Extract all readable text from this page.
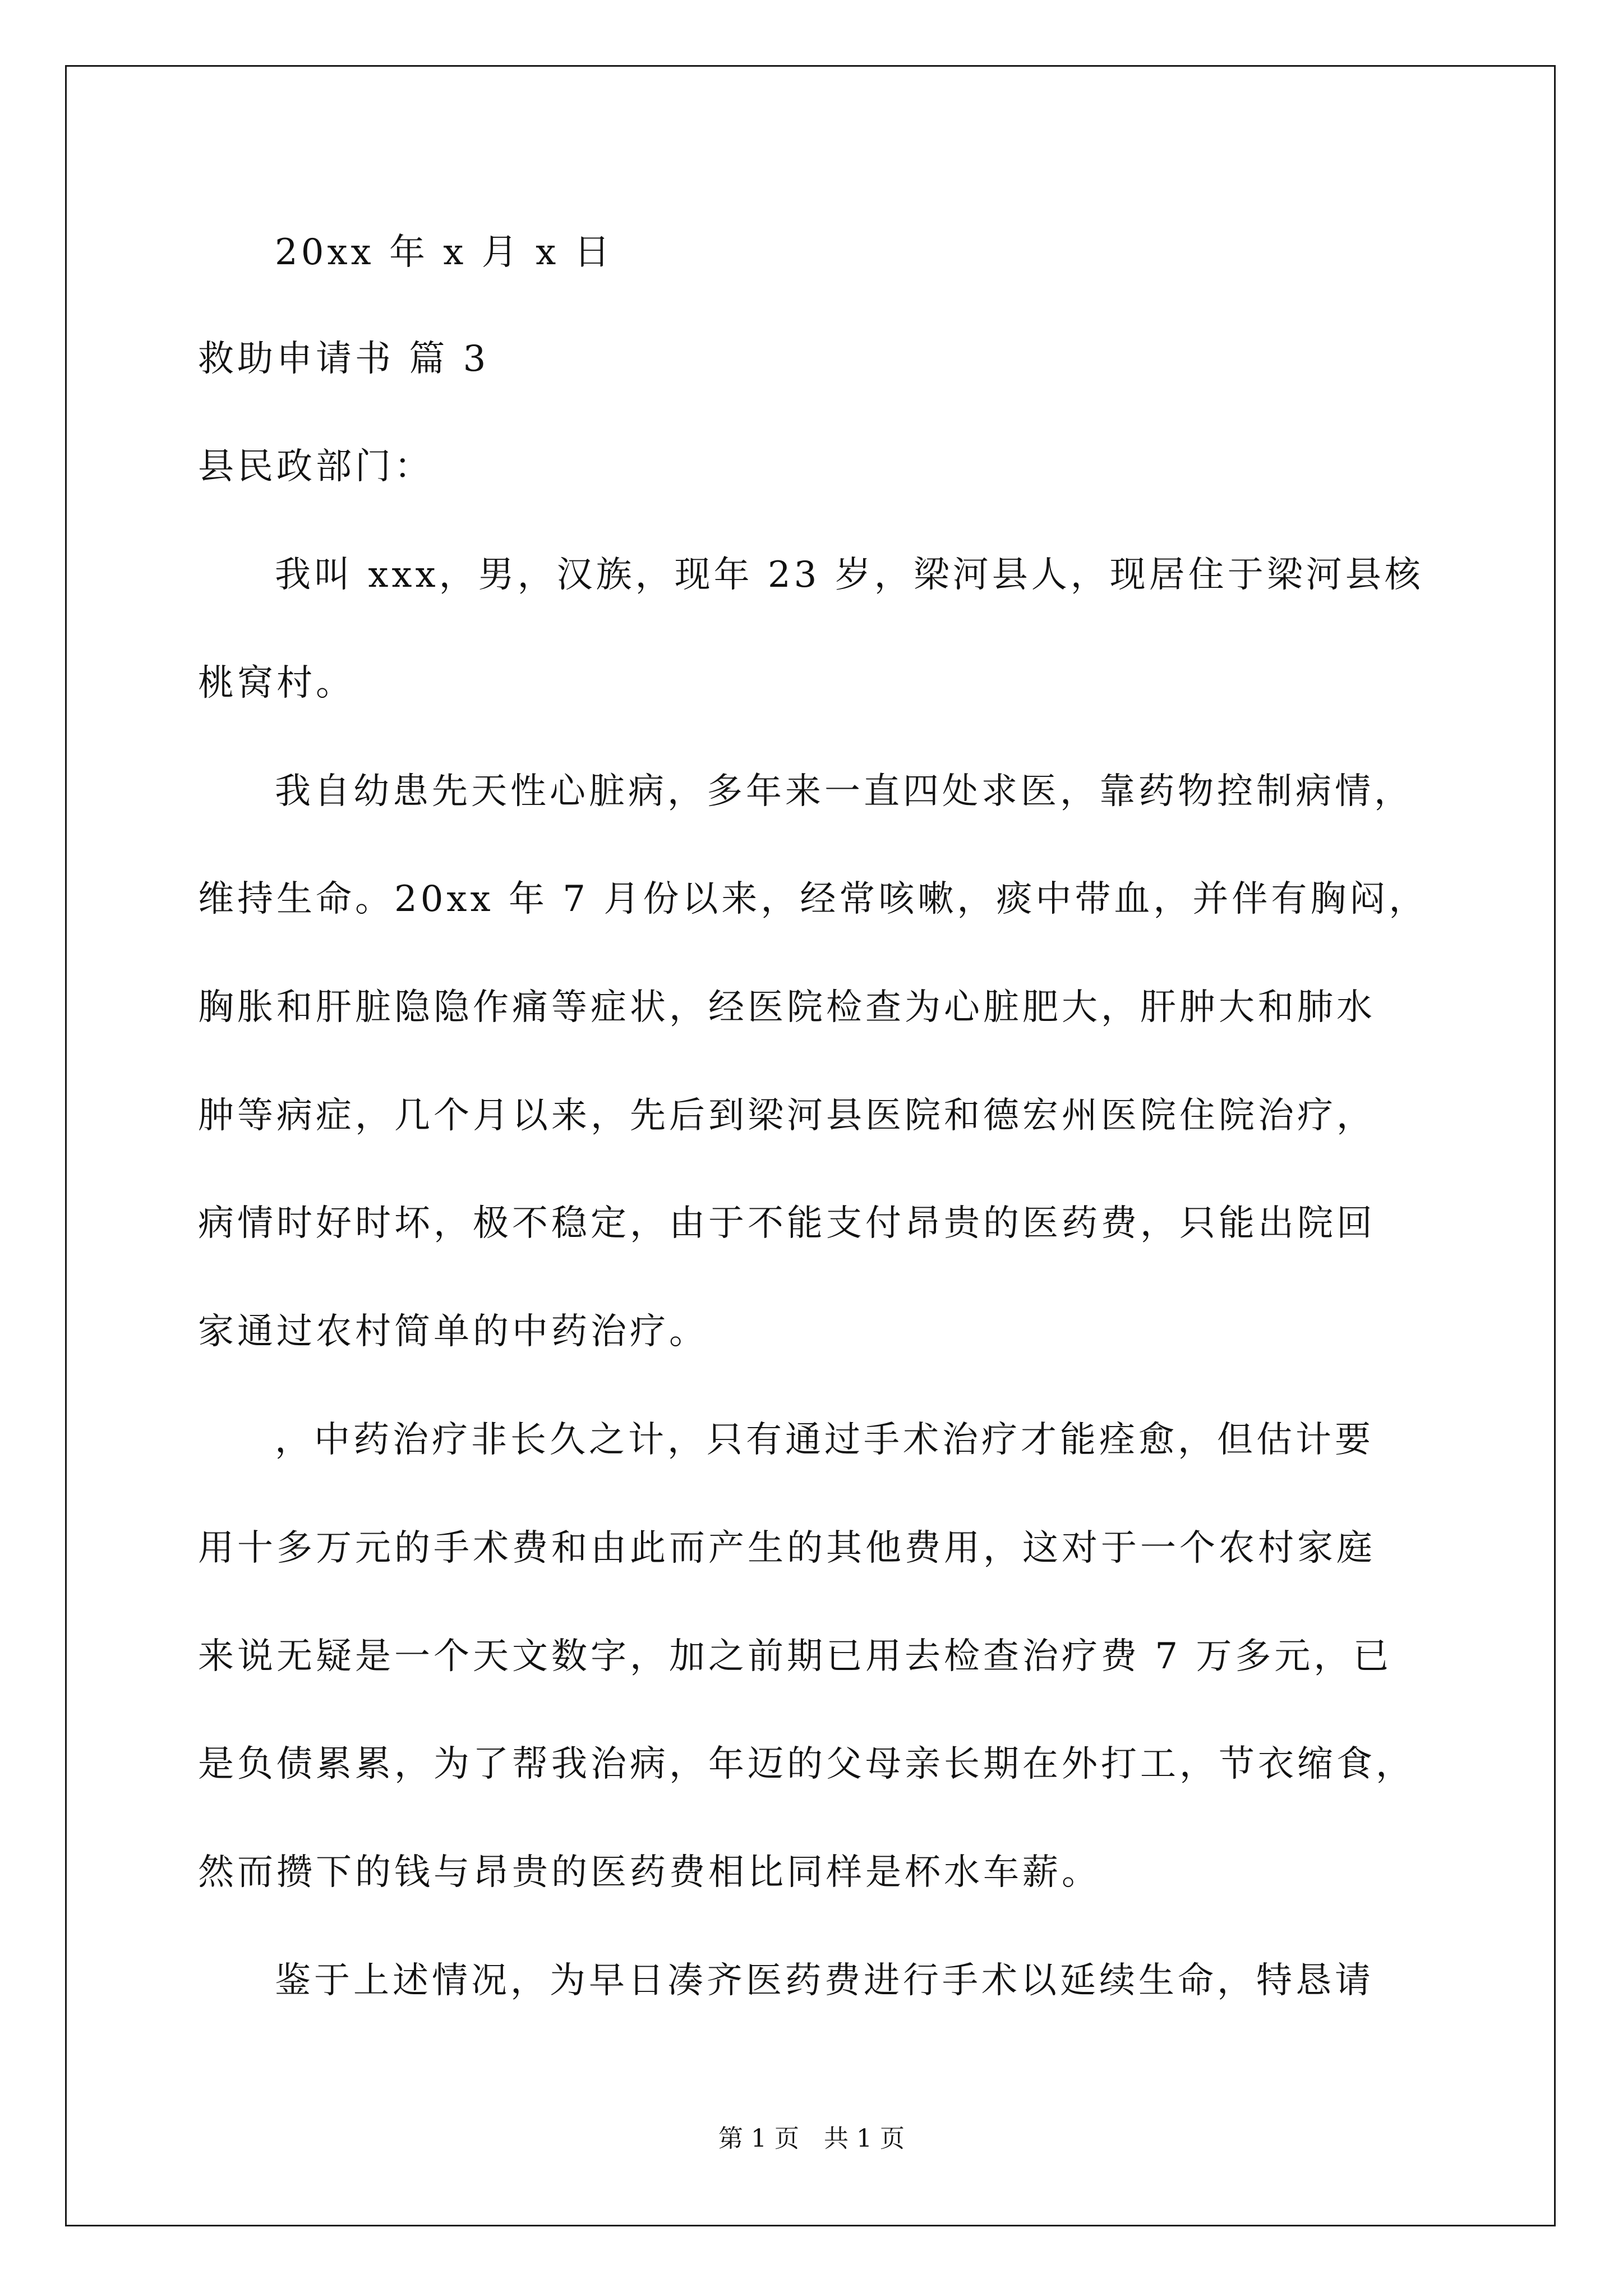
20xx 年 x 月 x 日
救助申请书 篇 3
县民政部门：
我叫 xxx，男，汉族，现年 23 岁，梁河县人，现居住于梁河县核
桃窝村。
我自幼患先天性心脏病，多年来一直四处求医，靠药物控制病情，
维持生命。20xx 年 7 月份以来，经常咳嗽，痰中带血，并伴有胸闷，
胸胀和肝脏隐隐作痛等症状，经医院检查为心脏肥大，肝肿大和肺水
肿等病症，几个月以来，先后到梁河县医院和德宏州医院住院治疗，
病情时好时坏，极不稳定，由于不能支付昂贵的医药费，只能出院回
家通过农村简单的中药治疗。
，中药治疗非长久之计，只有通过手术治疗才能痊愈，但估计要
用十多万元的手术费和由此而产生的其他费用，这对于一个农村家庭
来说无疑是一个天文数字，加之前期已用去检查治疗费 7 万多元，已
是负债累累，为了帮我治病，年迈的父母亲长期在外打工，节衣缩食，
然而攒下的钱与昂贵的医药费相比同样是杯水车薪。
鉴于上述情况，为早日凑齐医药费进行手术以延续生命，特恳请
第 1 页　共 1 页
